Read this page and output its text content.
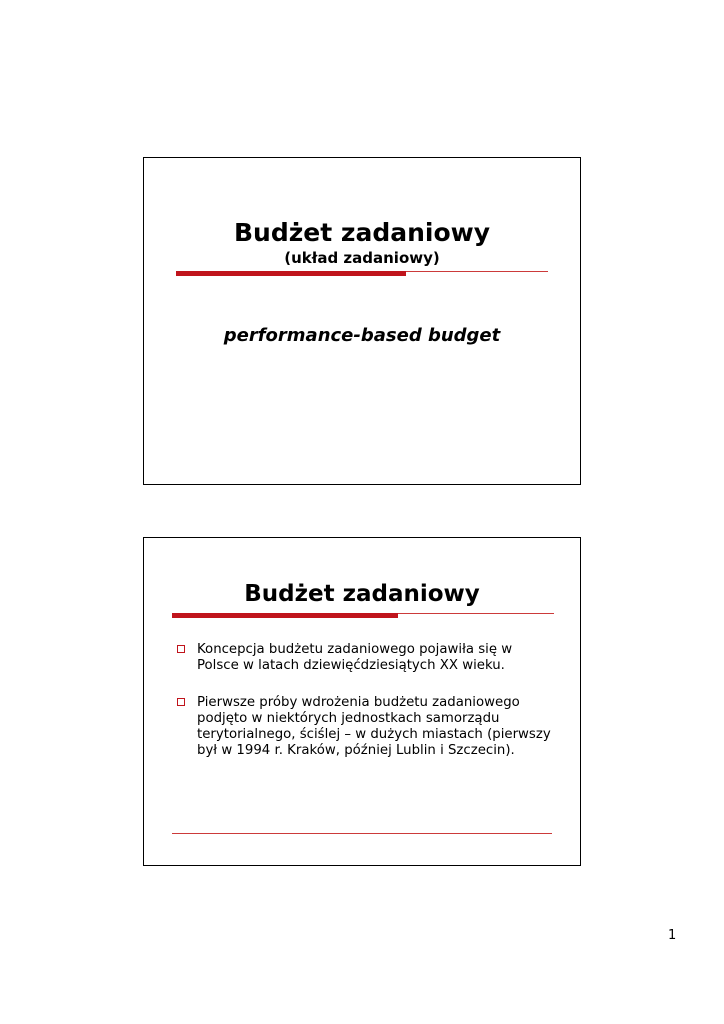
Budżet zadaniowy
(układ zadaniowy)
performance-based budget
Budżet zadaniowy
Koncepcja budżetu zadaniowego pojawiła się w Polsce w latach dziewięćdziesiątych XX wieku.
Pierwsze próby wdrożenia budżetu zadaniowego podjęto w niektórych jednostkach samorządu terytorialnego, ściślej – w dużych miastach (pierwszy był w 1994 r. Kraków, później Lublin i Szczecin).
1
